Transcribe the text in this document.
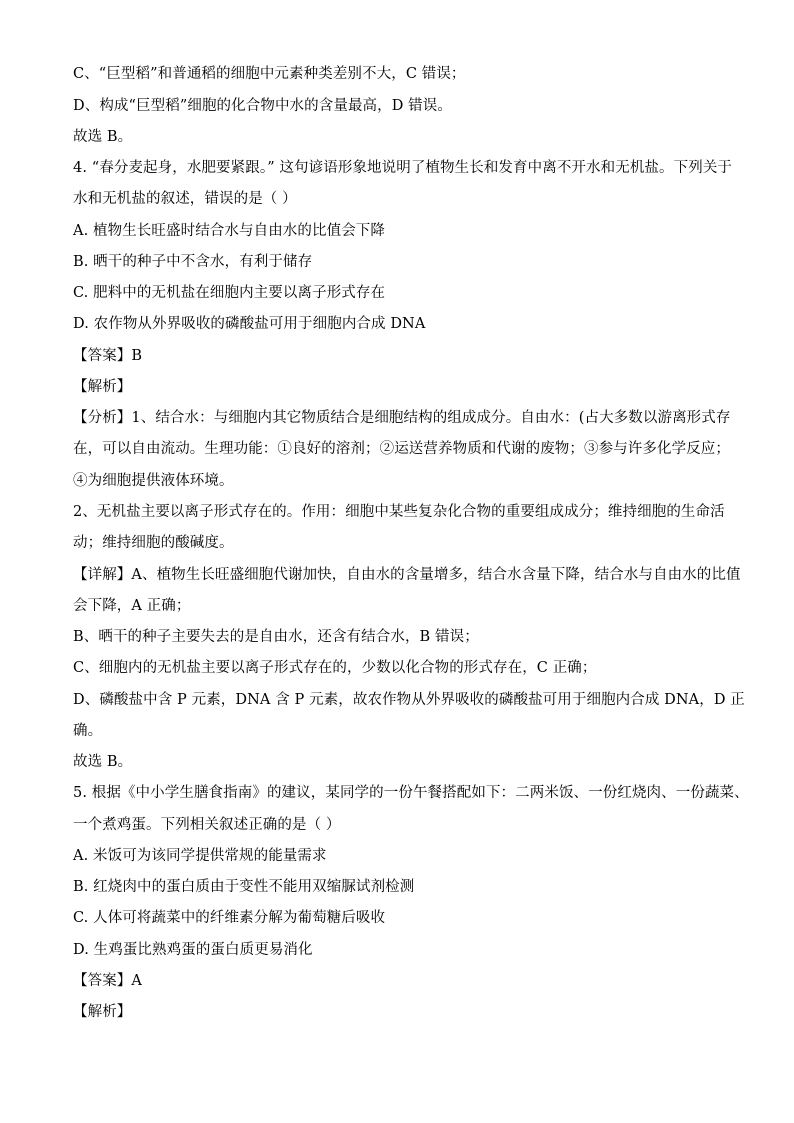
C、“巨型稻”和普通稻的细胞中元素种类差别不大，C 错误；
D、构成“巨型稻”细胞的化合物中水的含量最高，D 错误。
故选 B。
4. “春分麦起身，水肥要紧跟。” 这句谚语形象地说明了植物生长和发育中离不开水和无机盐。下列关于
水和无机盐的叙述，错误的是（ ）
A. 植物生长旺盛时结合水与自由水的比值会下降
B. 晒干的种子中不含水，有利于储存
C. 肥料中的无机盐在细胞内主要以离子形式存在
D. 农作物从外界吸收的磷酸盐可用于细胞内合成 DNA
【答案】B
【解析】
【分析】1、结合水：与细胞内其它物质结合是细胞结构的组成成分。自由水：(占大多数以游离形式存
在，可以自由流动。生理功能：①良好的溶剂；②运送营养物质和代谢的废物；③参与许多化学反应；
④为细胞提供液体环境。
2、无机盐主要以离子形式存在的。作用：细胞中某些复杂化合物的重要组成成分；维持细胞的生命活
动；维持细胞的酸碱度。
【详解】A、植物生长旺盛细胞代谢加快，自由水的含量增多，结合水含量下降，结合水与自由水的比值
会下降，A 正确；
B、晒干的种子主要失去的是自由水，还含有结合水，B 错误；
C、细胞内的无机盐主要以离子形式存在的，少数以化合物的形式存在，C 正确；
D、磷酸盐中含 P 元素，DNA 含 P 元素，故农作物从外界吸收的磷酸盐可用于细胞内合成 DNA，D 正
确。
故选 B。
5. 根据《中小学生膳食指南》的建议，某同学的一份午餐搭配如下：二两米饭、一份红烧肉、一份蔬菜、
一个煮鸡蛋。下列相关叙述正确的是（ ）
A. 米饭可为该同学提供常规的能量需求
B. 红烧肉中的蛋白质由于变性不能用双缩脲试剂检测
C. 人体可将蔬菜中的纤维素分解为葡萄糖后吸收
D. 生鸡蛋比熟鸡蛋的蛋白质更易消化
【答案】A
【解析】
